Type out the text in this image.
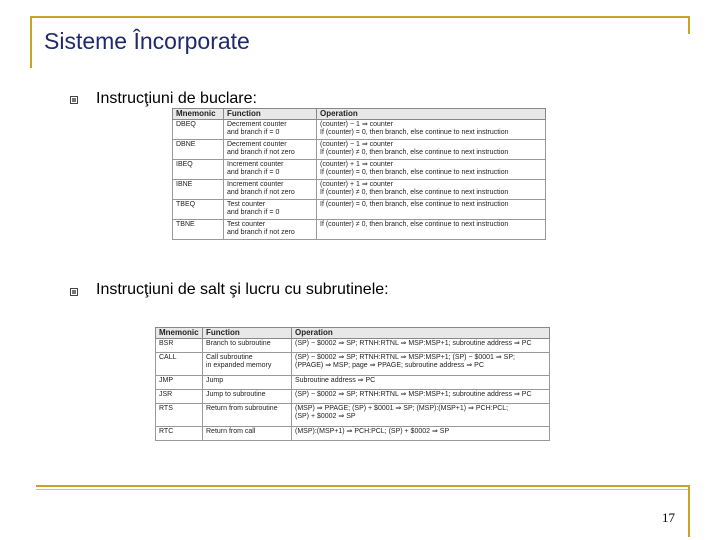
Sisteme Încorporate
Instrucţiuni de buclare:
Mnemonic	Function	Operation
DBEQ	Decrement counter
and branch if = 0	(counter) − 1 ⇒ counter
If (counter) = 0, then branch, else continue to next instruction

DBNE	Decrement counter
and branch if not zero	(counter) − 1 ⇒ counter
If (counter) ≠ 0, then branch, else continue to next instruction

IBEQ	Increment counter
and branch if = 0	(counter) + 1 ⇒ counter
If (counter) = 0, then branch, else continue to next instruction

IBNE	Increment counter
and branch if not zero	(counter) + 1 ⇒ counter
If (counter) ≠ 0, then branch, else continue to next instruction

TBEQ	Test counter
and branch if = 0	If (counter) = 0, then branch, else continue to next instruction

TBNE	Test counter
and branch if not zero	If (counter) ≠ 0, then branch, else continue to next instruction
Instrucţiuni de salt şi lucru cu subrutinele:
Mnemonic	Function	Operation
BSR	Branch to subroutine	(SP) − $0002 ⇒ SP; RTNH:RTNL ⇒ MSP:MSP+1; subroutine address ⇒ PC

CALL	Call subroutine
in expanded memory	(SP) − $0002 ⇒ SP; RTNH:RTNL ⇒ MSP:MSP+1; (SP) − $0001 ⇒ SP;
(PPAGE) ⇒ MSP; page ⇒ PPAGE; subroutine address ⇒ PC

JMP	Jump	Subroutine address ⇒ PC

JSR	Jump to subroutine	(SP) − $0002 ⇒ SP; RTNH:RTNL ⇒ MSP:MSP+1; subroutine address ⇒ PC

RTS	Return from subroutine	(MSP) ⇒ PPAGE; (SP) + $0001 ⇒ SP; (MSP):(MSP+1) ⇒ PCH:PCL;
(SP) + $0002 ⇒ SP

RTC	Return from call	(MSP):(MSP+1) ⇒ PCH:PCL; (SP) + $0002 ⇒ SP
17
